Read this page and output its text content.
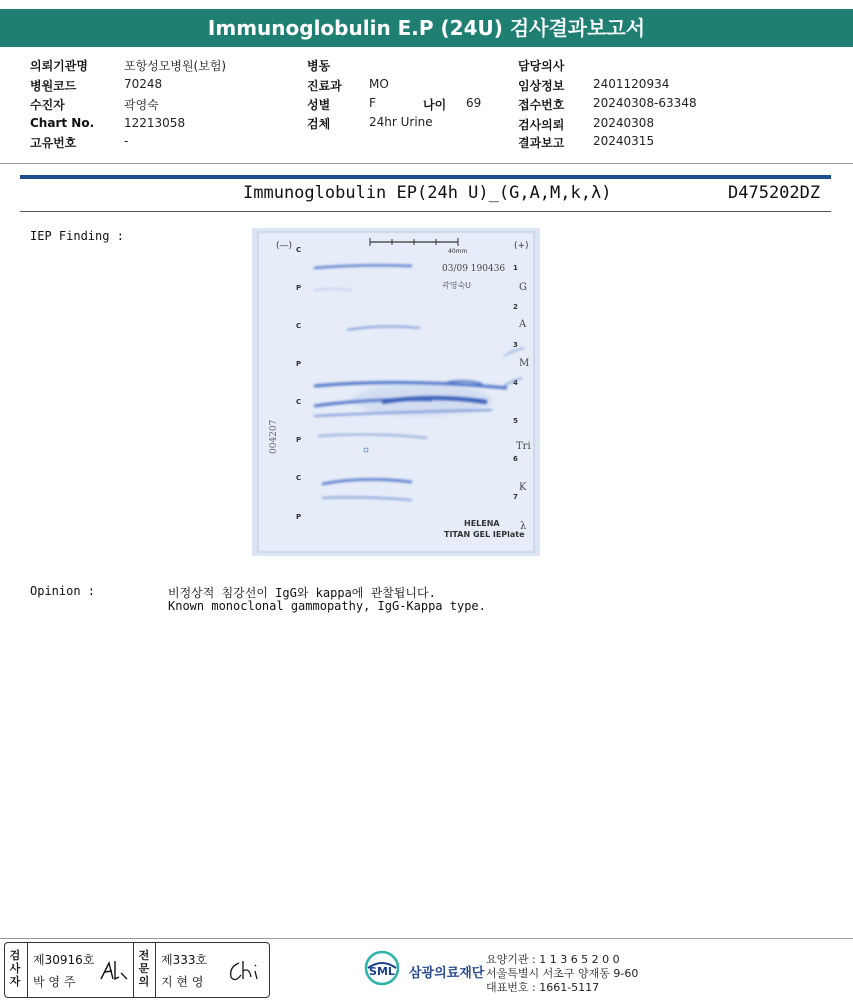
Immunoglobulin E.P (24U) 검사결과보고서
의뢰기관명	포항성모병원(보험)
병원코드	70248
수진자	곽영숙
Chart No. 12213058
고유번호	-
병동
진료과 MO
성별	F	나이 69
검체	24hr Urine
담당의사
임상정보 2401120934
접수번호 20240308-63348
검사의뢰 20240308
결과보고 20240315
Immunoglobulin EP(24h U)_(G,A,M,k,λ)	D475202DZ
IEP Finding :
40mm
(—)	(+)
03/09 190436
곽영숙U
004207
C
P
C
P
C
P
C
P
1
2
3
4
5
6
7
G
A
M
Tri
K
λ
HELENA
TITAN GEL IEPlate
Opinion :	비정상적 침강선이 IgG와 kappa에 관찰됩니다.
Known monoclonal gammopathy, IgG-Kappa type.
검
사
자
제30916호
박 영 주
전
문
의
제333호
지 현 영
SML 삼광의료재단
요양기관 : 1 1 3 6 5 2 0 0
서울특별시 서초구 양재동 9-60
대표번호 : 1661-5117
